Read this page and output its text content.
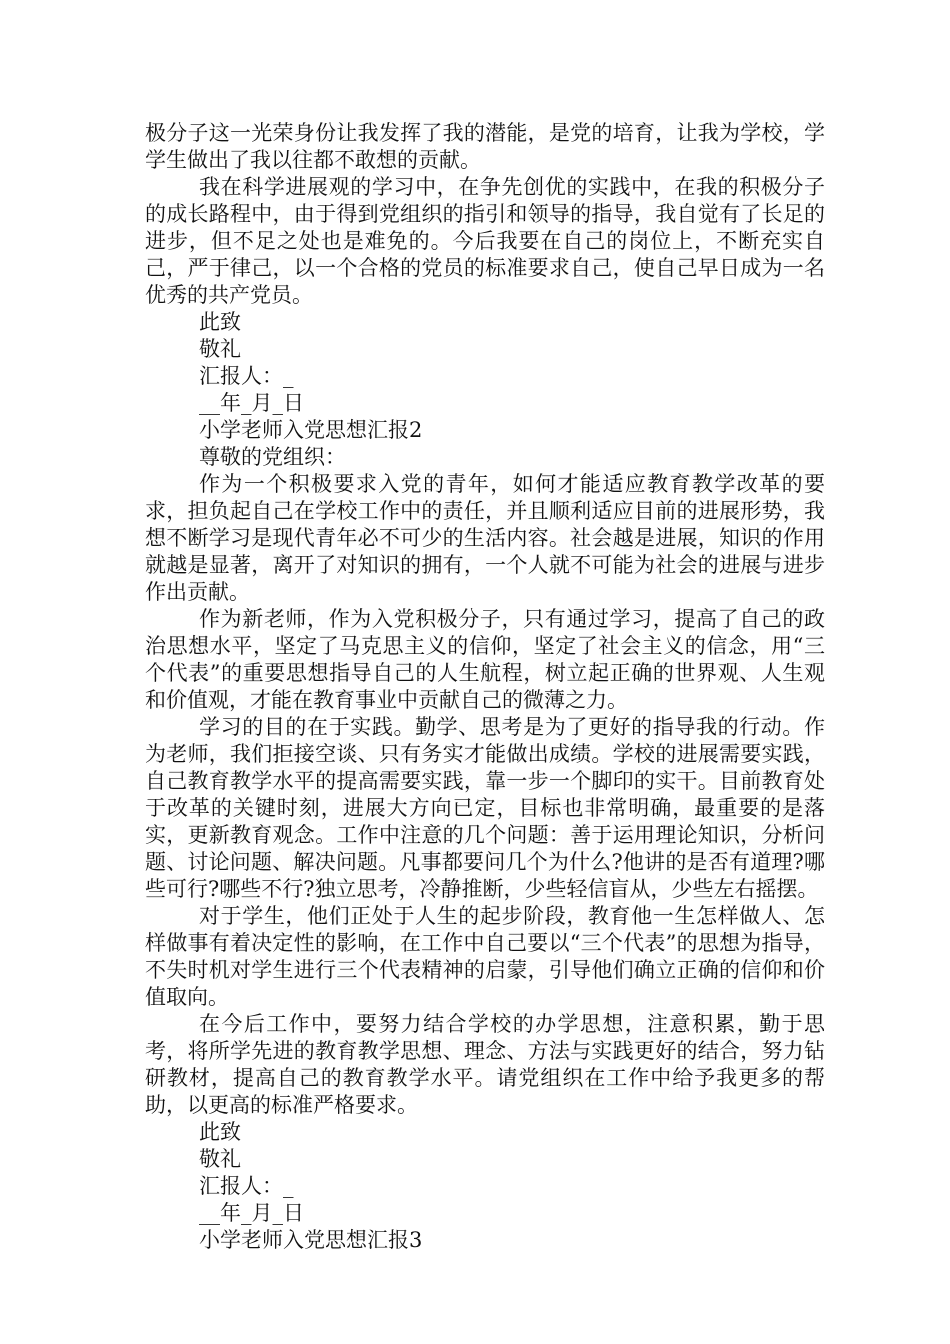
极分子这一光荣身份让我发挥了我的潜能，是党的培育，让我为学校，学学生做出了我以往都不敢想的贡献。

我在科学进展观的学习中，在争先创优的实践中，在我的积极分子的成长路程中，由于得到党组织的指引和领导的指导，我自觉有了长足的进步，但不足之处也是难免的。今后我要在自己的岗位上，不断充实自己，严于律己，以一个合格的党员的标准要求自己，使自己早日成为一名优秀的共产党员。

此致

敬礼

汇报人：_

__年_月_日

小学老师入党思想汇报2

尊敬的党组织：

作为一个积极要求入党的青年，如何才能适应教育教学改革的要求，担负起自己在学校工作中的责任，并且顺利适应目前的进展形势，我想不断学习是现代青年必不可少的生活内容。社会越是进展，知识的作用就越是显著，离开了对知识的拥有，一个人就不可能为社会的进展与进步作出贡献。

作为新老师，作为入党积极分子，只有通过学习，提高了自己的政治思想水平，坚定了马克思主义的信仰，坚定了社会主义的信念，用“三个代表”的重要思想指导自己的人生航程，树立起正确的世界观、人生观和价值观，才能在教育事业中贡献自己的微薄之力。

学习的目的在于实践。勤学、思考是为了更好的指导我的行动。作为老师，我们拒接空谈、只有务实才能做出成绩。学校的进展需要实践，自己教育教学水平的提高需要实践，靠一步一个脚印的实干。目前教育处于改革的关键时刻，进展大方向已定，目标也非常明确，最重要的是落实，更新教育观念。工作中注意的几个问题：善于运用理论知识，分析问题、讨论问题、解决问题。凡事都要问几个为什么?他讲的是否有道理?哪些可行?哪些不行?独立思考，冷静推断，少些轻信盲从，少些左右摇摆。

对于学生，他们正处于人生的起步阶段，教育他一生怎样做人、怎样做事有着决定性的影响，在工作中自己要以“三个代表”的思想为指导，不失时机对学生进行三个代表精神的启蒙，引导他们确立正确的信仰和价值取向。

在今后工作中，要努力结合学校的办学思想，注意积累，勤于思考，将所学先进的教育教学思想、理念、方法与实践更好的结合，努力钻研教材，提高自己的教育教学水平。请党组织在工作中给予我更多的帮助，以更高的标准严格要求。

此致

敬礼

汇报人：_

__年_月_日

小学老师入党思想汇报3
